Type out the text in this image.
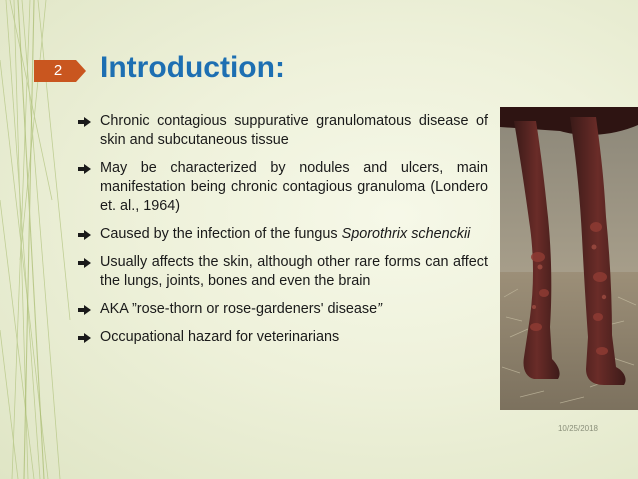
2	Introduction:
Chronic contagious suppurative granulomatous disease of skin and subcutaneous tissue
May be characterized by nodules and ulcers, main manifestation being chronic contagious granuloma (Londero et. al., 1964)
Caused by the infection of the fungus Sporothrix schenckii
Usually affects the skin, although other rare forms can affect the lungs, joints, bones and even the brain
AKA ”rose-thorn or rose-gardeners' disease”
Occupational hazard for veterinarians
10/25/2018
